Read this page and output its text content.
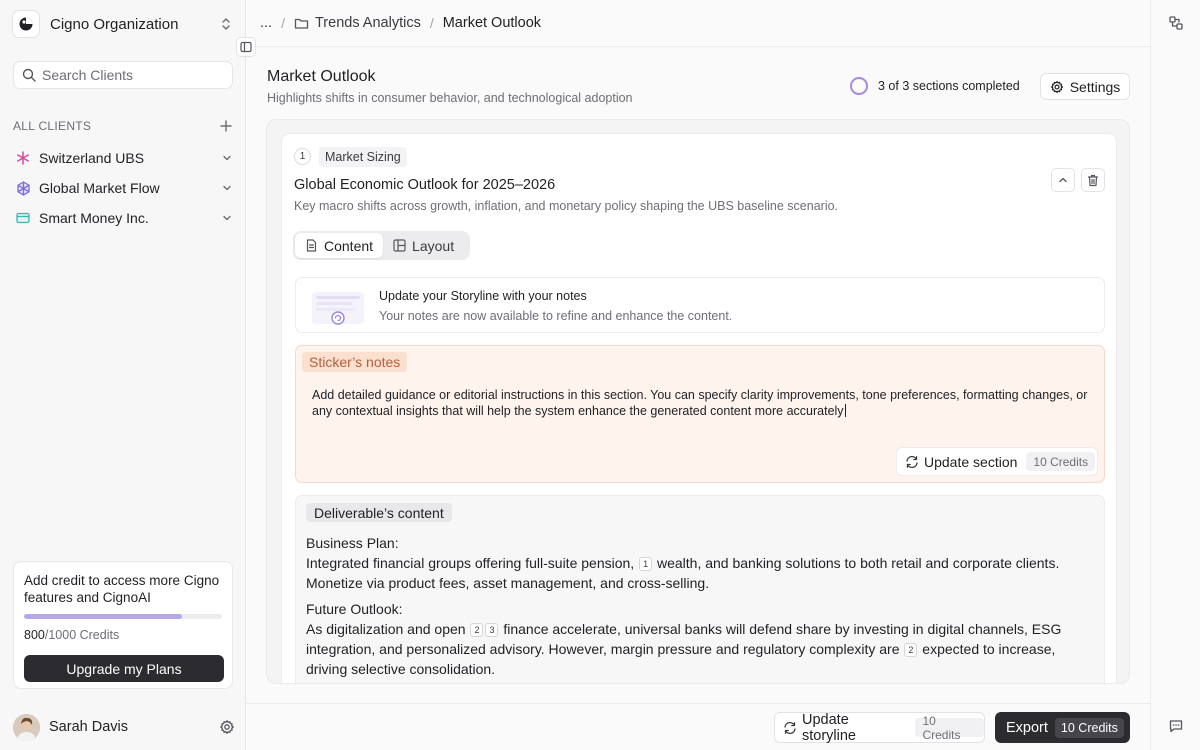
Cigno Organization
Search Clients
ALL CLIENTS
Switzerland UBS
Global Market Flow
Smart Money Inc.
Add credit to access more Cigno features and CignoAI
800/1000 Credits
Upgrade my Plans
Sarah Davis
... / Trends Analytics / Market Outlook
Market Outlook
Highlights shifts in consumer behavior, and technological adoption
3 of 3 sections completed	Settings
1	Market Sizing
Global Economic Outlook for 2025–2026
Key macro shifts across growth, inflation, and monetary policy shaping the UBS baseline scenario.
Content	Layout
Update your Storyline with your notes
Your notes are now available to refine and enhance the content.
Sticker’s notes
Add detailed guidance or editorial instructions in this section. You can specify clarity improvements, tone preferences, formatting changes, or any contextual insights that will help the system enhance the generated content more accurately
Update section	10 Credits
Deliverable’s content
Business Plan:
Integrated financial groups offering full-suite pension, 1 wealth, and banking solutions to both retail and corporate clients. Monetize via product fees, asset management, and cross-selling.
Future Outlook:
As digitalization and open 2 3 finance accelerate, universal banks will defend share by investing in digital channels, ESG integration, and personalized advisory. However, margin pressure and regulatory complexity are 2 expected to increase, driving selective consolidation.
Update storyline
10 Credits	Export	10 Credits
